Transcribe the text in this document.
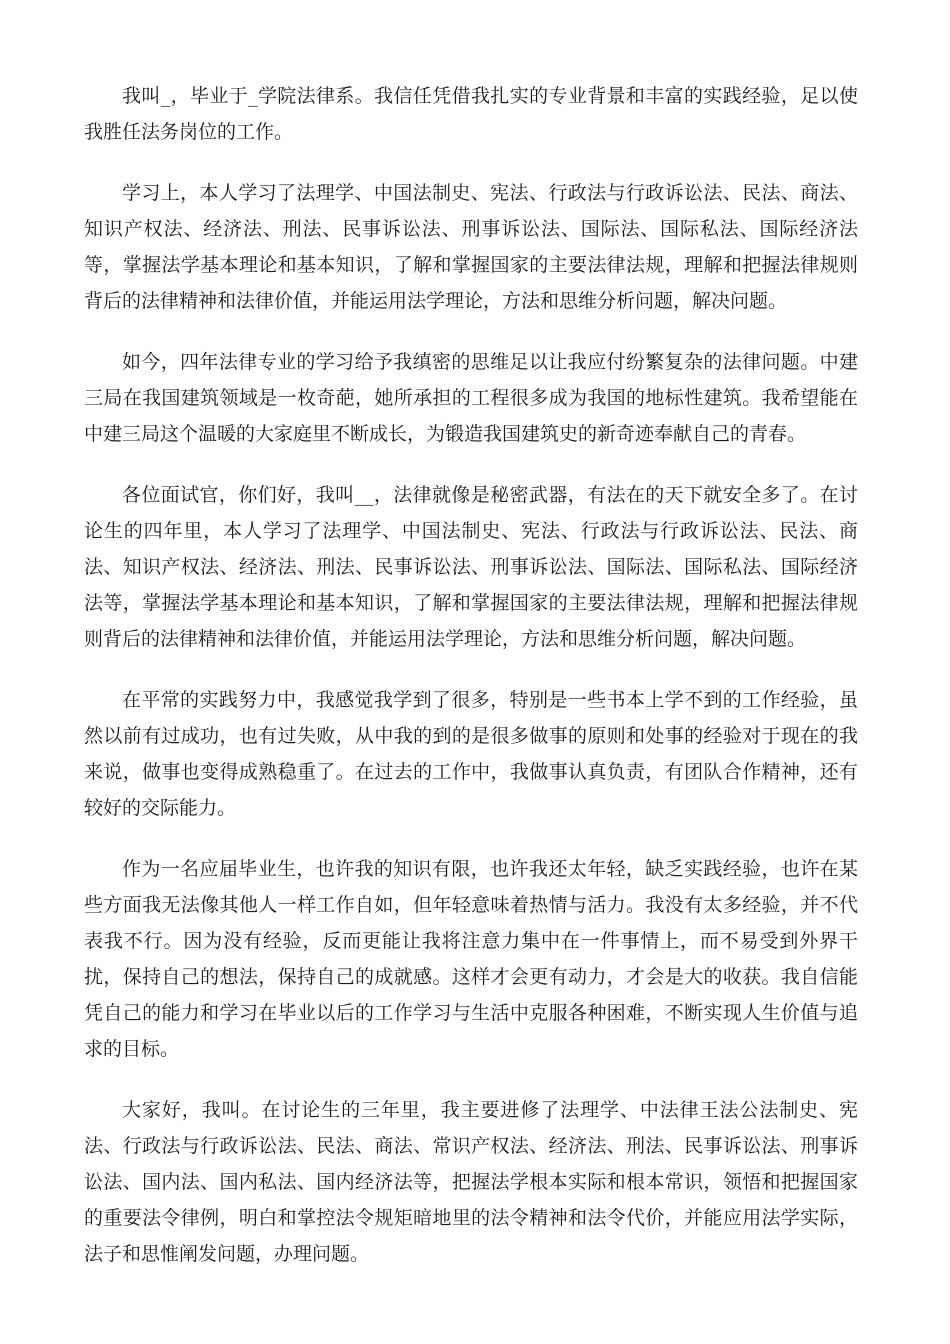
我叫_，毕业于_学院法律系。我信任凭借我扎实的专业背景和丰富的实践经验，足以使我胜任法务岗位的工作。

学习上，本人学习了法理学、中国法制史、宪法、行政法与行政诉讼法、民法、商法、知识产权法、经济法、刑法、民事诉讼法、刑事诉讼法、国际法、国际私法、国际经济法等，掌握法学基本理论和基本知识，了解和掌握国家的主要法律法规，理解和把握法律规则背后的法律精神和法律价值，并能运用法学理论，方法和思维分析问题，解决问题。

如今，四年法律专业的学习给予我缜密的思维足以让我应付纷繁复杂的法律问题。中建三局在我国建筑领域是一枚奇葩，她所承担的工程很多成为我国的地标性建筑。我希望能在中建三局这个温暖的大家庭里不断成长，为锻造我国建筑史的新奇迹奉献自己的青春。

各位面试官，你们好，我叫__，法律就像是秘密武器，有法在的天下就安全多了。在讨论生的四年里，本人学习了法理学、中国法制史、宪法、行政法与行政诉讼法、民法、商法、知识产权法、经济法、刑法、民事诉讼法、刑事诉讼法、国际法、国际私法、国际经济法等，掌握法学基本理论和基本知识，了解和掌握国家的主要法律法规，理解和把握法律规则背后的法律精神和法律价值，并能运用法学理论，方法和思维分析问题，解决问题。

在平常的实践努力中，我感觉我学到了很多，特别是一些书本上学不到的工作经验，虽然以前有过成功，也有过失败，从中我的到的是很多做事的原则和处事的经验对于现在的我来说，做事也变得成熟稳重了。在过去的工作中，我做事认真负责，有团队合作精神，还有较好的交际能力。

作为一名应届毕业生，也许我的知识有限，也许我还太年轻，缺乏实践经验，也许在某些方面我无法像其他人一样工作自如，但年轻意味着热情与活力。我没有太多经验，并不代表我不行。因为没有经验，反而更能让我将注意力集中在一件事情上，而不易受到外界干扰，保持自己的想法，保持自己的成就感。这样才会更有动力，才会是大的收获。我自信能凭自己的能力和学习在毕业以后的工作学习与生活中克服各种困难，不断实现人生价值与追求的目标。

大家好，我叫。在讨论生的三年里，我主要进修了法理学、中法律王法公法制史、宪法、行政法与行政诉讼法、民法、商法、常识产权法、经济法、刑法、民事诉讼法、刑事诉讼法、国内法、国内私法、国内经济法等，把握法学根本实际和根本常识，领悟和把握国家的重要法令律例，明白和掌控法令规矩暗地里的法令精神和法令代价，并能应用法学实际，法子和思惟阐发问题，办理问题。
